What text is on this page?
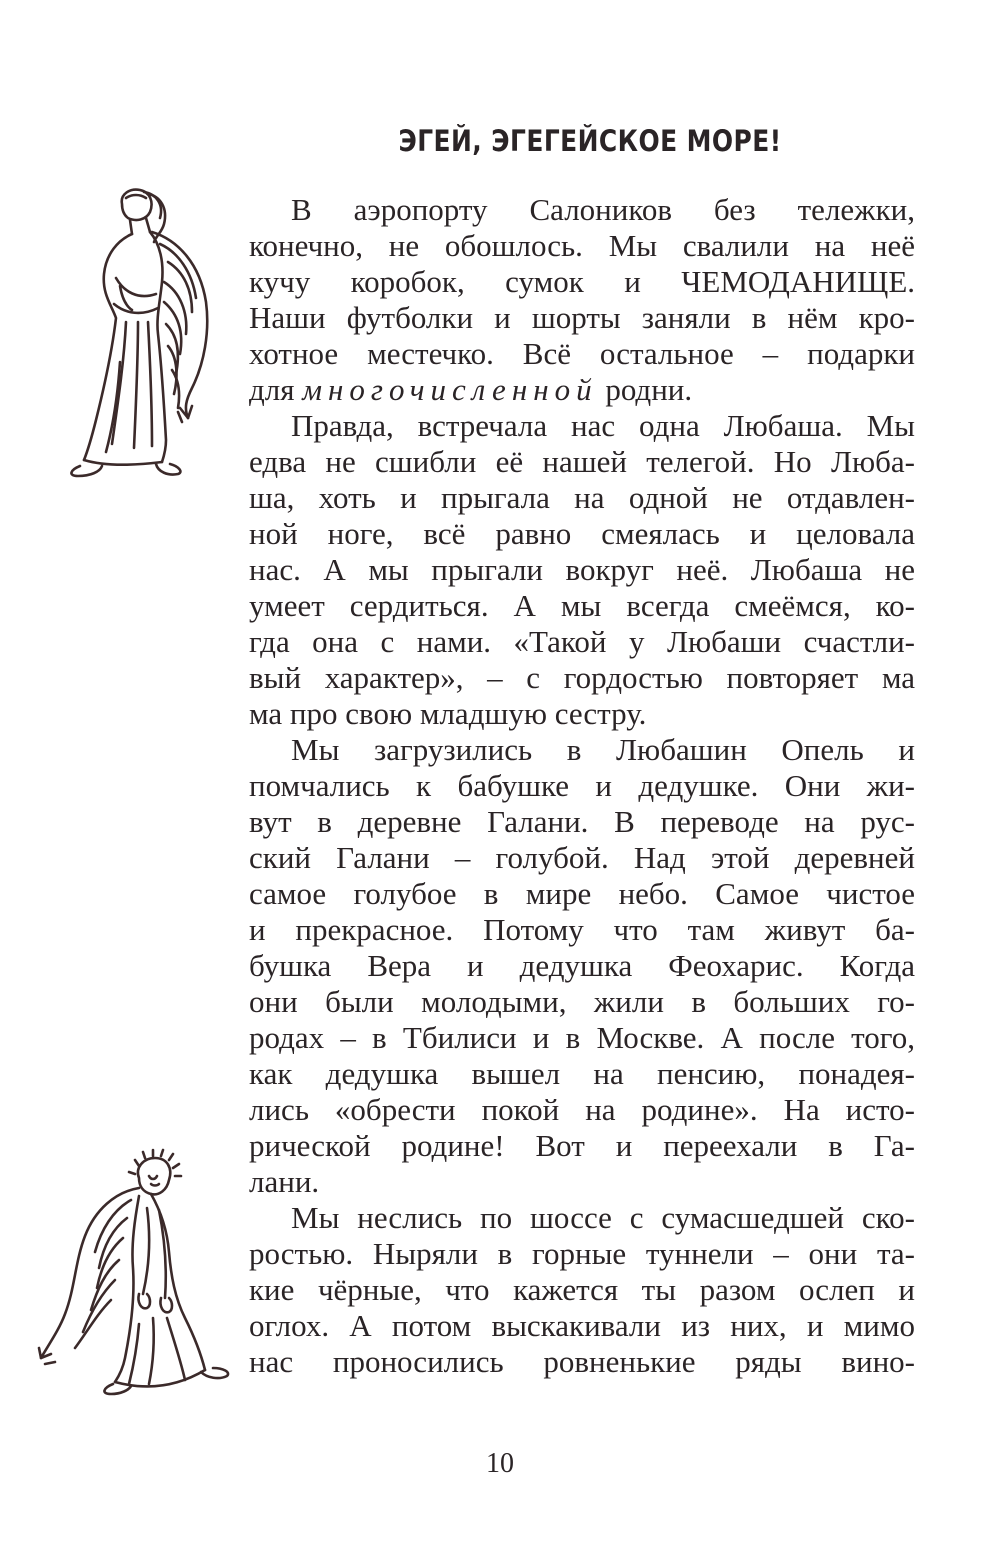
ЭГЕЙ, ЭГЕГЕЙСКОЕ МОРЕ!
В аэропорту Салоников без тележки,
конечно, не обошлось. Мы свалили на неё
кучу коробок, сумок и ЧЕМОДАНИЩЕ.
Наши футболки и шорты заняли в нём кро-
хотное местечко. Всё остальное – подарки
для многочисленной родни.
Правда, встречала нас одна Любаша. Мы
едва не сшибли её нашей телегой. Но Люба-
ша, хоть и прыгала на одной не отдавлен-
ной ноге, всё равно смеялась и целовала
нас. А мы прыгали вокруг неё. Любаша не
умеет сердиться. А мы всегда смеёмся, ко-
гда она с нами. «Такой у Любаши счастли-
вый характер», – с гордостью повторяет ма
ма про свою младшую сестру.
Мы загрузились в Любашин Опель и
помчались к бабушке и дедушке. Они жи-
вут в деревне Галани. В переводе на рус-
ский Галани – голубой. Над этой деревней
самое голубое в мире небо. Самое чистое
и прекрасное. Потому что там живут ба-
бушка Вера и дедушка Феохарис. Когда
они были молодыми, жили в больших го-
родах – в Тбилиси и в Москве. А после того,
как дедушка вышел на пенсию, понадея-
лись «обрести покой на родине». На исто-
рической родине! Вот и переехали в Га-
лани.
Мы неслись по шоссе с сумасшедшей ско-
ростью. Ныряли в горные туннели – они та-
кие чёрные, что кажется ты разом ослеп и
оглох. А потом выскакивали из них, и мимо
нас проносились ровненькие ряды вино-
10
